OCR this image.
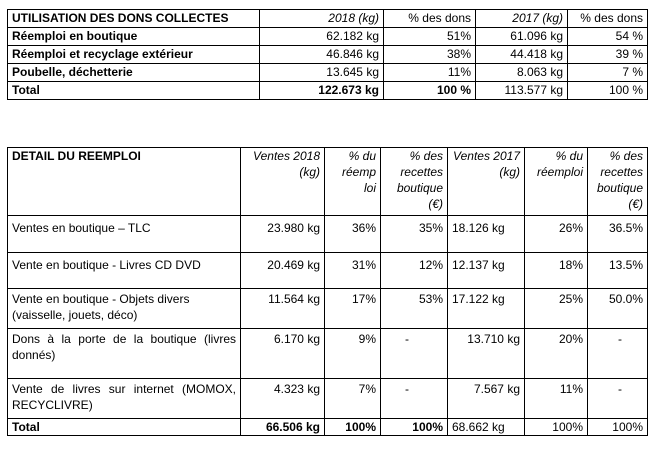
UTILISATION DES DONS COLLECTES	2018 (kg)	% des dons	2017 (kg)	% des dons
Réemploi en boutique	62.182 kg	51%	61.096 kg	54 %
Réemploi et recyclage extérieur	46.846 kg	38%	44.418 kg	39 %
Poubelle, déchetterie	13.645 kg	11%	8.063 kg	7 %
Total	122.673 kg	100 %	113.577 kg	100 %
DETAIL DU REEMPLOI	Ventes 2018 (kg)	% du réemp loi	% des recettes boutique (€)	Ventes 2017 (kg)	% du réemploi	% des recettes boutique (€)
Ventes en boutique – TLC	23.980 kg	36%	35%	18.126 kg	26%	36.5%
Vente en boutique - Livres CD DVD	20.469 kg	31%	12%	12.137 kg	18%	13.5%
Vente en boutique - Objets divers (vaisselle, jouets, déco)	11.564 kg	17%	53%	17.122 kg	25%	50.0%
Dons à la porte de la boutique (livres donnés)	6.170 kg	9%	-	13.710 kg	20%	-
Vente de livres sur internet (MOMOX, RECYCLIVRE)	4.323 kg	7%	-	7.567 kg	11%	-
Total	66.506 kg	100%	100%	68.662 kg	100%	100%
